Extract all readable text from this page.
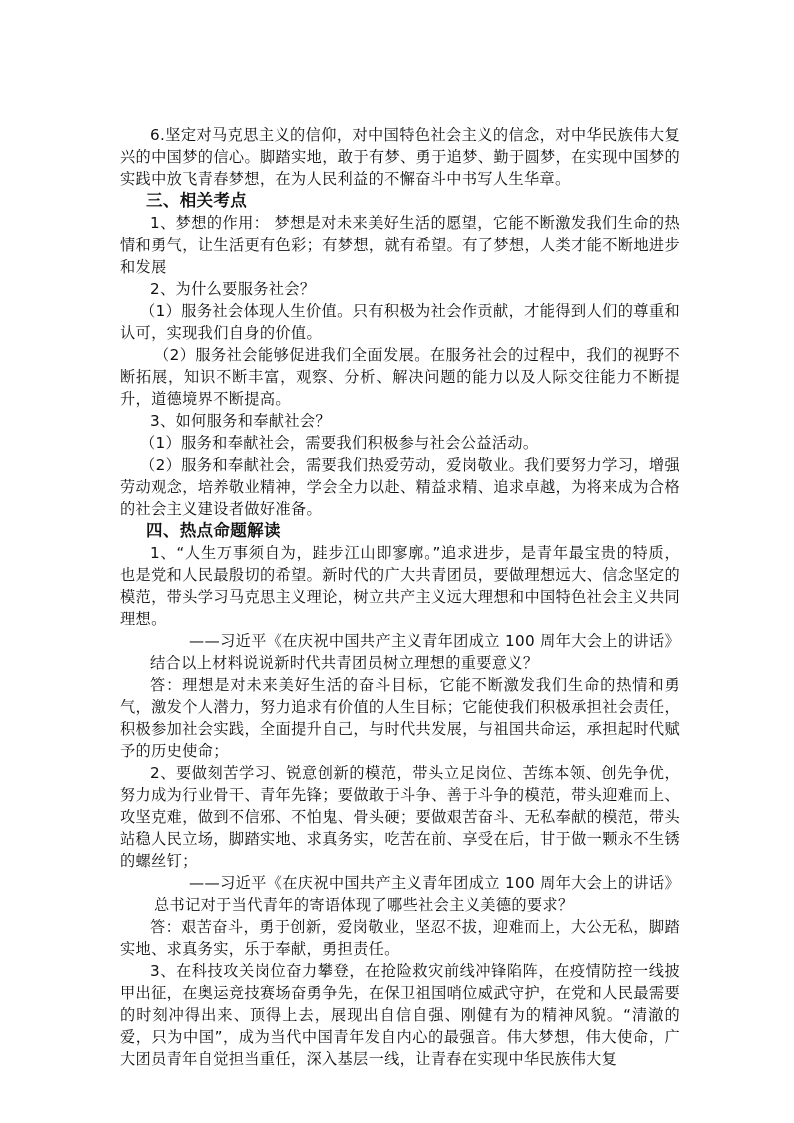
6.坚定对马克思主义的信仰，对中国特色社会主义的信念，对中华民族伟大复兴的中国梦的信心。脚踏实地，敢于有梦、勇于追梦、勤于圆梦，在实现中国梦的实践中放飞青春梦想，在为人民利益的不懈奋斗中书写人生华章。

三、相关考点

1、梦想的作用： 梦想是对未来美好生活的愿望，它能不断激发我们生命的热情和勇气，让生活更有色彩；有梦想，就有希望。有了梦想，人类才能不断地进步和发展

2、为什么要服务社会？

（1）服务社会体现人生价值。只有积极为社会作贡献，才能得到人们的尊重和认可，实现我们自身的价值。

（2）服务社会能够促进我们全面发展。在服务社会的过程中，我们的视野不断拓展，知识不断丰富，观察、分析、解决问题的能力以及人际交往能力不断提升，道德境界不断提高。

3、如何服务和奉献社会？

（1）服务和奉献社会，需要我们积极参与社会公益活动。

（2）服务和奉献社会，需要我们热爱劳动，爱岗敬业。我们要努力学习，增强劳动观念，培养敬业精神，学会全力以赴、精益求精、追求卓越，为将来成为合格的社会主义建设者做好准备。

四、热点命题解读

1、“人生万事须自为，跬步江山即寥廓。”追求进步，是青年最宝贵的特质，也是党和人民最殷切的希望。新时代的广大共青团员，要做理想远大、信念坚定的模范，带头学习马克思主义理论，树立共产主义远大理想和中国特色社会主义共同理想。

——习近平《在庆祝中国共产主义青年团成立 100 周年大会上的讲话》

结合以上材料说说新时代共青团员树立理想的重要意义？

答：理想是对未来美好生活的奋斗目标，它能不断激发我们生命的热情和勇气，激发个人潜力，努力追求有价值的人生目标；它能使我们积极承担社会责任，积极参加社会实践，全面提升自己，与时代共发展，与祖国共命运，承担起时代赋予的历史使命；

2、要做刻苦学习、锐意创新的模范，带头立足岗位、苦练本领、创先争优，努力成为行业骨干、青年先锋；要做敢于斗争、善于斗争的模范，带头迎难而上、攻坚克难，做到不信邪、不怕鬼、骨头硬；要做艰苦奋斗、无私奉献的模范，带头站稳人民立场，脚踏实地、求真务实，吃苦在前、享受在后，甘于做一颗永不生锈的螺丝钉；

——习近平《在庆祝中国共产主义青年团成立 100 周年大会上的讲话》

总书记对于当代青年的寄语体现了哪些社会主义美德的要求？

答：艰苦奋斗，勇于创新，爱岗敬业，坚忍不拔，迎难而上，大公无私，脚踏实地、求真务实，乐于奉献，勇担责任。

3、在科技攻关岗位奋力攀登，在抢险救灾前线冲锋陷阵，在疫情防控一线披甲出征，在奥运竞技赛场奋勇争先，在保卫祖国哨位威武守护，在党和人民最需要的时刻冲得出来、顶得上去，展现出自信自强、刚健有为的精神风貌。“清澈的爱，只为中国”，成为当代中国青年发自内心的最强音。伟大梦想，伟大使命，广大团员青年自觉担当重任，深入基层一线，让青春在实现中华民族伟大复
